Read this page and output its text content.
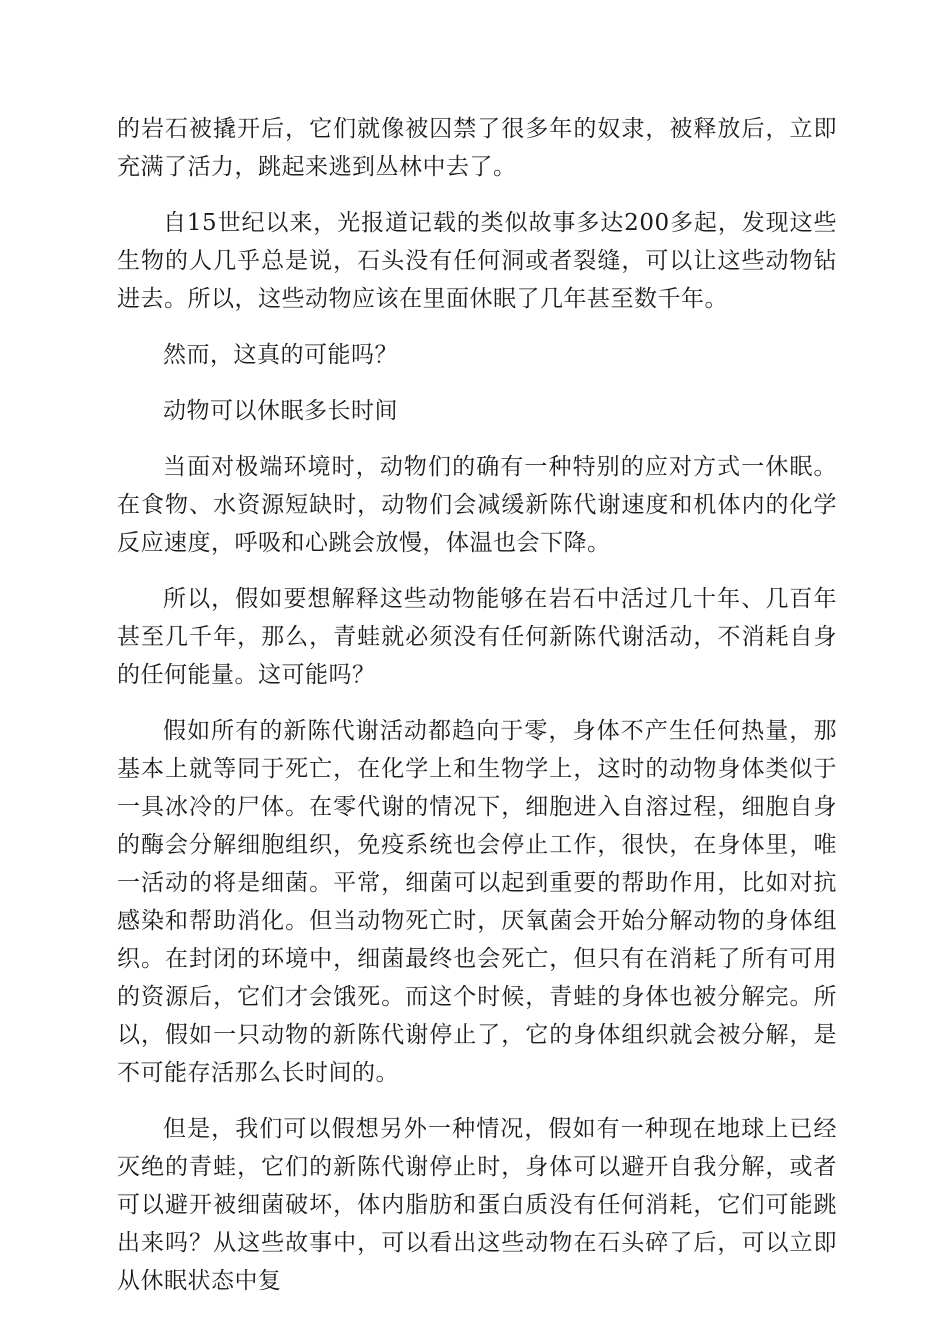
的岩石被撬开后，它们就像被囚禁了很多年的奴隶，被释放后，立即充满了活力，跳起来逃到丛林中去了。

自15世纪以来，光报道记载的类似故事多达200多起，发现这些生物的人几乎总是说，石头没有任何洞或者裂缝，可以让这些动物钻进去。所以，这些动物应该在里面休眠了几年甚至数千年。

然而，这真的可能吗？

动物可以休眠多长时间

当面对极端环境时，动物们的确有一种特别的应对方式一休眠。在食物、水资源短缺时，动物们会减缓新陈代谢速度和机体内的化学反应速度，呼吸和心跳会放慢，体温也会下降。

所以，假如要想解释这些动物能够在岩石中活过几十年、几百年甚至几千年，那么，青蛙就必须没有任何新陈代谢活动，不消耗自身的任何能量。这可能吗？

假如所有的新陈代谢活动都趋向于零，身体不产生任何热量，那基本上就等同于死亡，在化学上和生物学上，这时的动物身体类似于一具冰冷的尸体。在零代谢的情况下，细胞进入自溶过程，细胞自身的酶会分解细胞组织，免疫系统也会停止工作，很快，在身体里，唯一活动的将是细菌。平常，细菌可以起到重要的帮助作用，比如对抗感染和帮助消化。但当动物死亡时，厌氧菌会开始分解动物的身体组织。在封闭的环境中，细菌最终也会死亡，但只有在消耗了所有可用的资源后，它们才会饿死。而这个时候，青蛙的身体也被分解完。所以，假如一只动物的新陈代谢停止了，它的身体组织就会被分解，是不可能存活那么长时间的。

但是，我们可以假想另外一种情况，假如有一种现在地球上已经灭绝的青蛙，它们的新陈代谢停止时，身体可以避开自我分解，或者可以避开被细菌破坏，体内脂肪和蛋白质没有任何消耗，它们可能跳出来吗？从这些故事中，可以看出这些动物在石头碎了后，可以立即从休眠状态中复
